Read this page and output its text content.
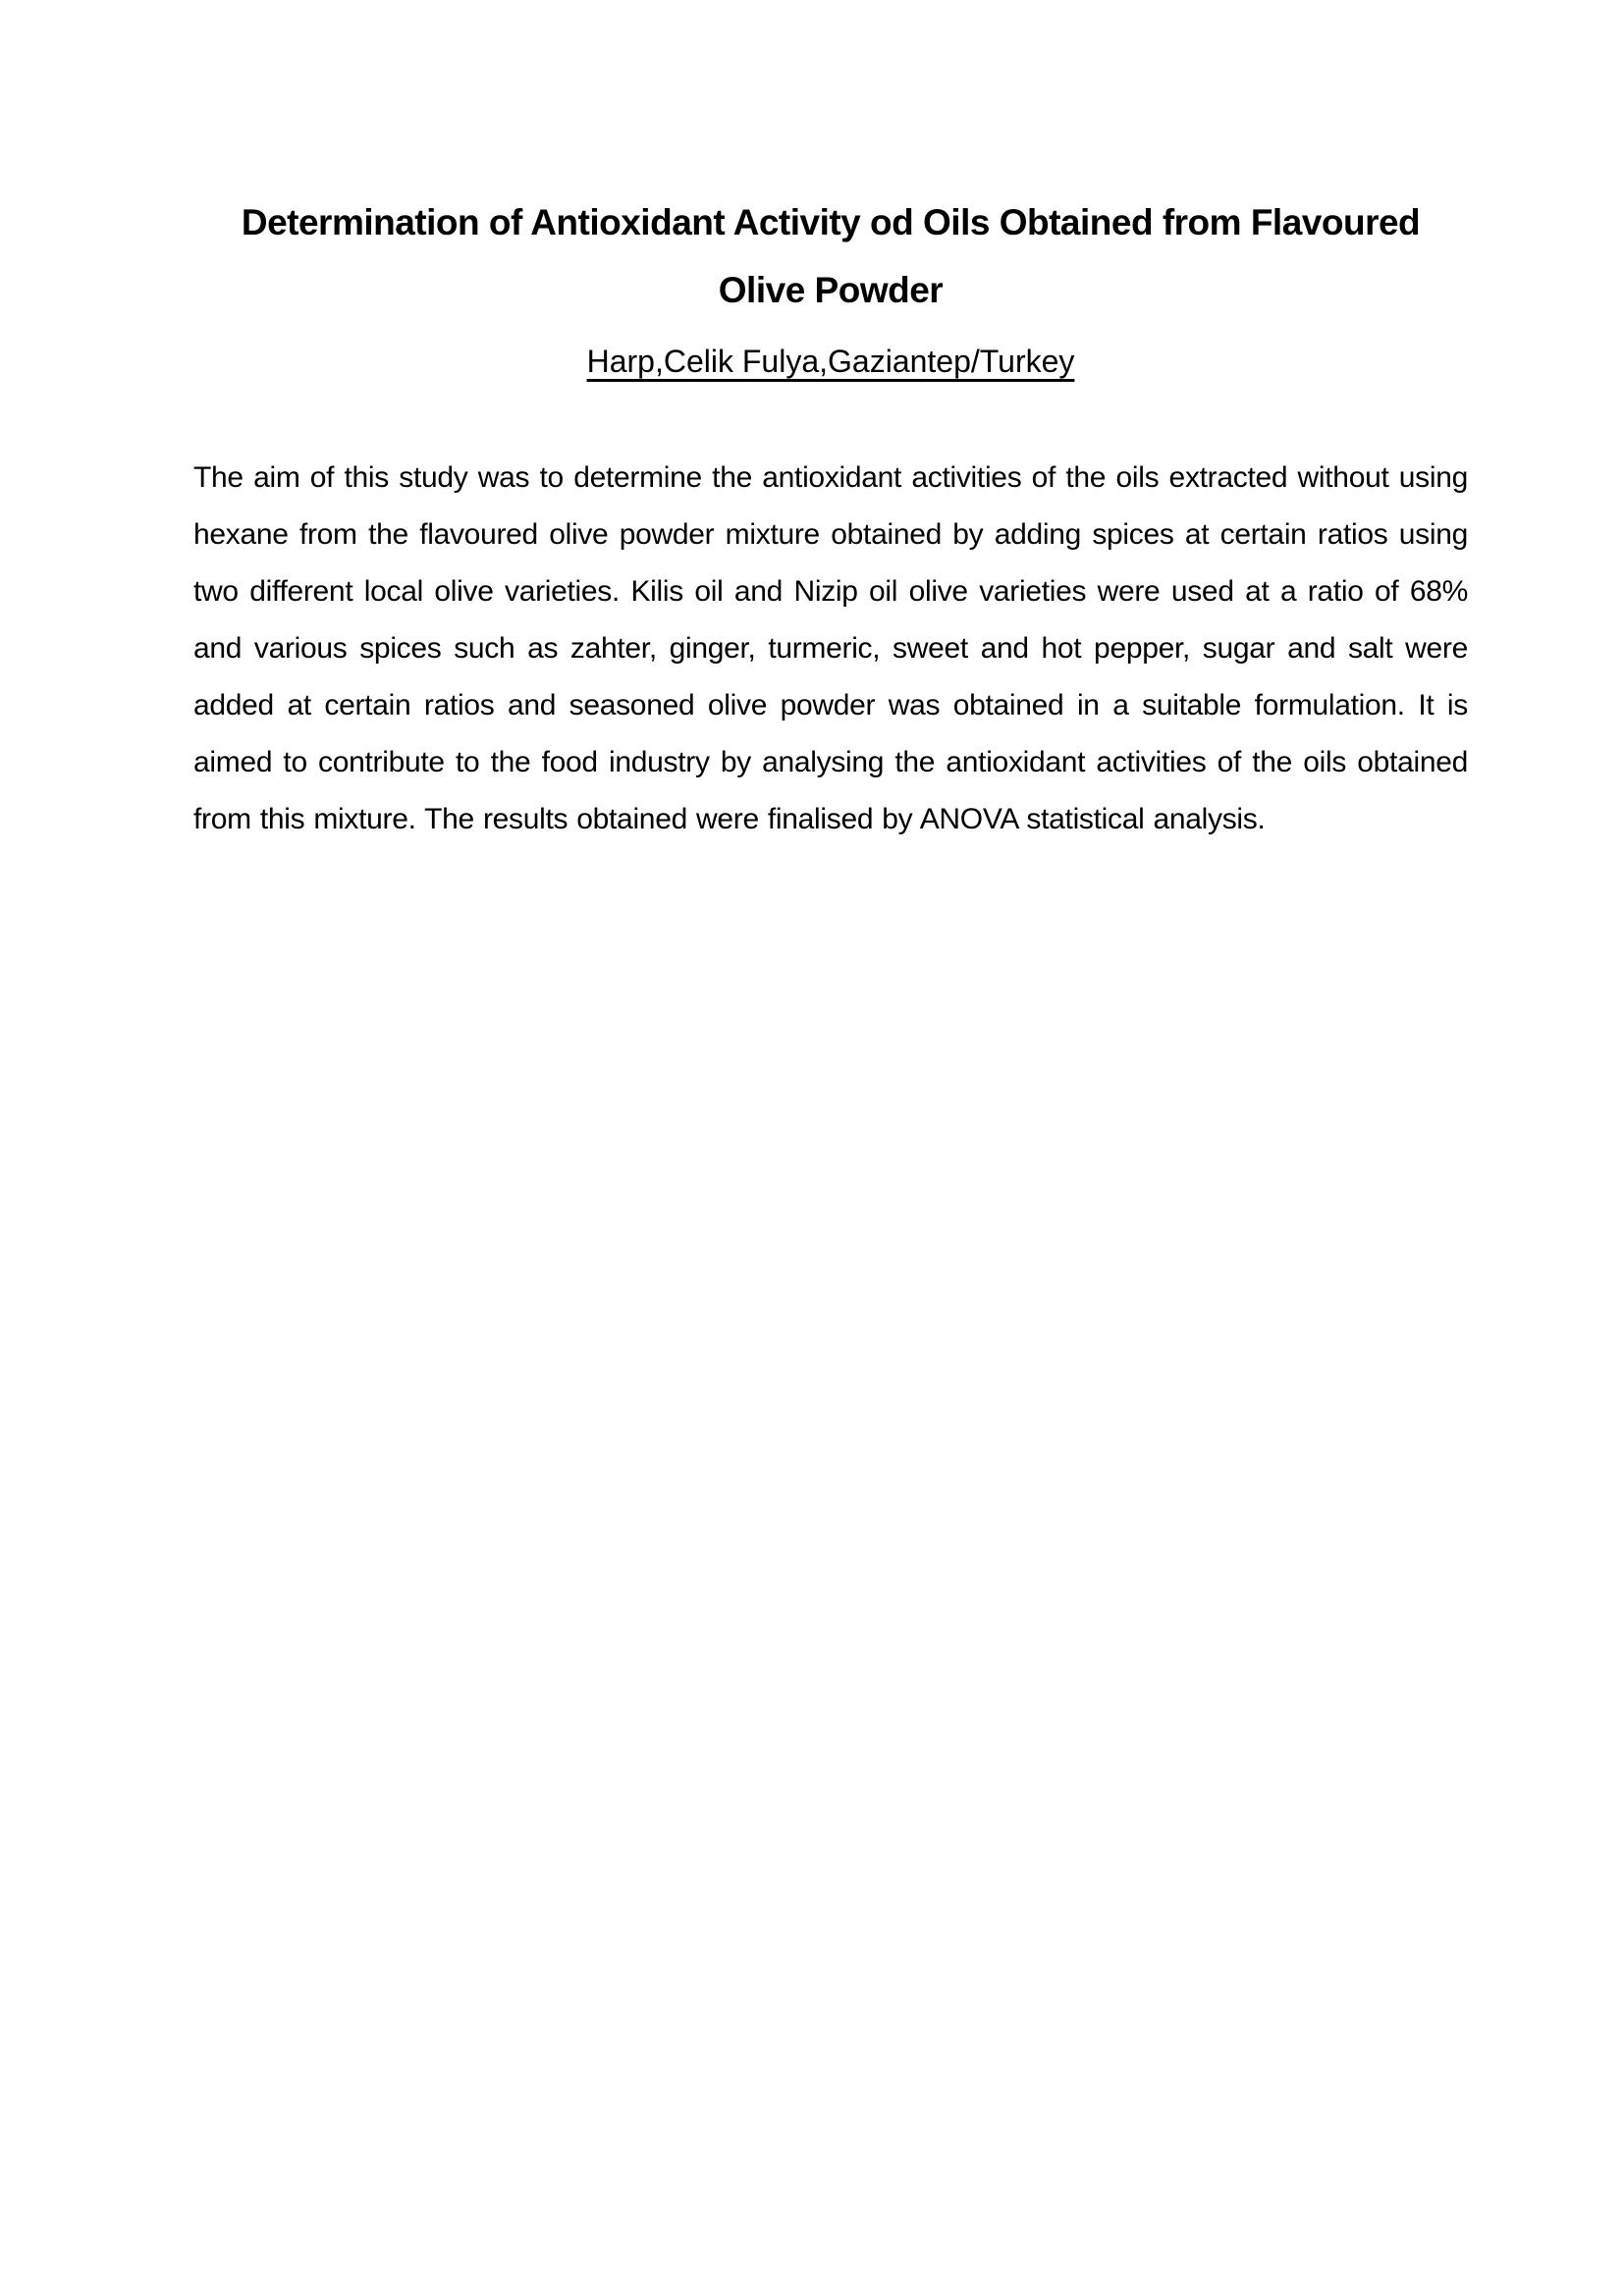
Determination of Antioxidant Activity od Oils Obtained from Flavoured
Olive Powder
Harp,Celik Fulya,Gaziantep/Turkey

The aim of this study was to determine the antioxidant activities of the oils extracted without using hexane from the flavoured olive powder mixture obtained by adding spices at certain ratios using two different local olive varieties. Kilis oil and Nizip oil olive varieties were used at a ratio of 68% and various spices such as zahter, ginger, turmeric, sweet and hot pepper, sugar and salt were added at certain ratios and seasoned olive powder was obtained in a suitable formulation. It is aimed to contribute to the food industry by analysing the antioxidant activities of the oils obtained from this mixture. The results obtained were finalised by ANOVA statistical analysis.
